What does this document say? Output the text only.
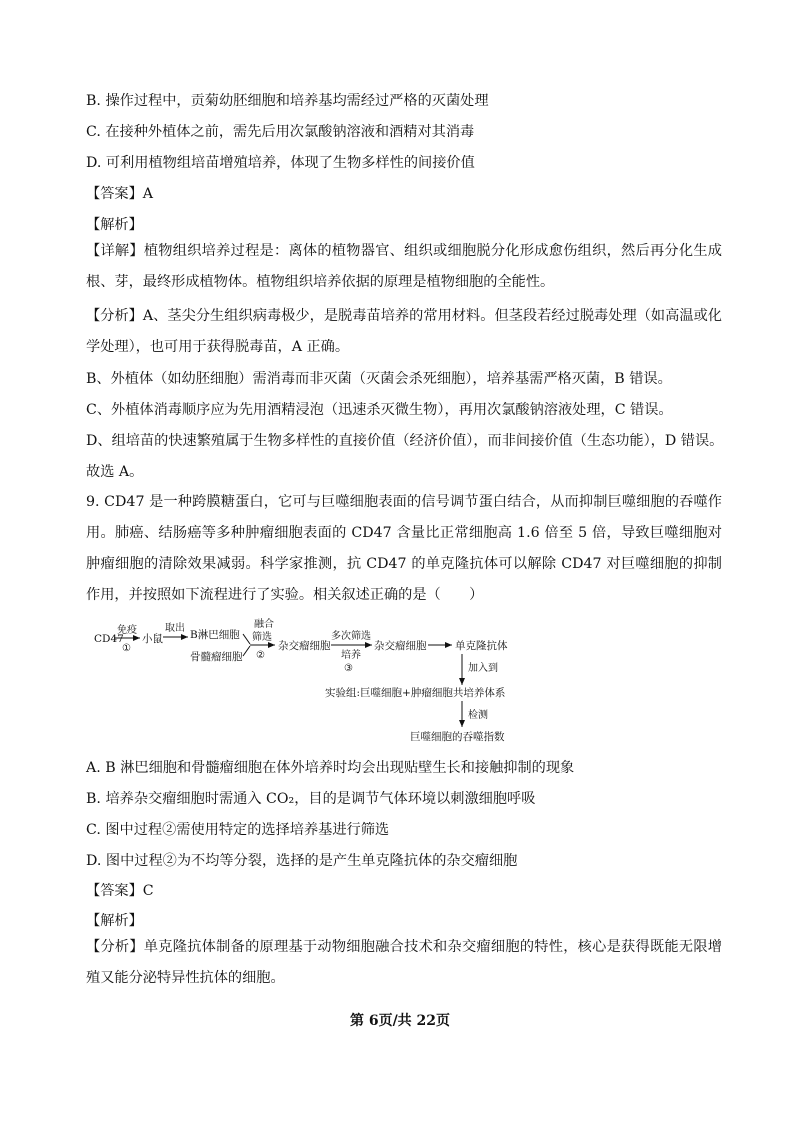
B. 操作过程中，贡菊幼胚细胞和培养基均需经过严格的灭菌处理
C. 在接种外植体之前，需先后用次氯酸钠溶液和酒精对其消毒
D. 可利用植物组培苗增殖培养，体现了生物多样性的间接价值
【答案】A
【解析】
【详解】植物组织培养过程是：离体的植物器官、组织或细胞脱分化形成愈伤组织，然后再分化生成根、芽，最终形成植物体。植物组织培养依据的原理是植物细胞的全能性。
【分析】A、茎尖分生组织病毒极少，是脱毒苗培养的常用材料。但茎段若经过脱毒处理（如高温或化学处理），也可用于获得脱毒苗，A 正确。
B、外植体（如幼胚细胞）需消毒而非灭菌（灭菌会杀死细胞），培养基需严格灭菌，B 错误。
C、外植体消毒顺序应为先用酒精浸泡（迅速杀灭微生物），再用次氯酸钠溶液处理，C 错误。
D、组培苗的快速繁殖属于生物多样性的直接价值（经济价值），而非间接价值（生态功能），D 错误。
故选 A。
9. CD47 是一种跨膜糖蛋白，它可与巨噬细胞表面的信号调节蛋白结合，从而抑制巨噬细胞的吞噬作用。肺癌、结肠癌等多种肿瘤细胞表面的 CD47 含量比正常细胞高 1.6 倍至 5 倍，导致巨噬细胞对肿瘤细胞的清除效果减弱。科学家推测，抗 CD47 的单克隆抗体可以解除 CD47 对巨噬细胞的抑制作用，并按照如下流程进行了实验。相关叙述正确的是（　　）
CD47
免疫
①
小鼠
取出
B淋巴细胞
骨髓瘤细胞
融合
筛选
②
杂交瘤细胞
多次筛选
培养
③
杂交瘤细胞	单克隆抗体
加入到
实验组:巨噬细胞+肿瘤细胞共培养体系
检测
巨噬细胞的吞噬指数
A. B 淋巴细胞和骨髓瘤细胞在体外培养时均会出现贴壁生长和接触抑制的现象
B. 培养杂交瘤细胞时需通入 CO₂，目的是调节气体环境以刺激细胞呼吸
C. 图中过程②需使用特定的选择培养基进行筛选
D. 图中过程②为不均等分裂，选择的是产生单克隆抗体的杂交瘤细胞
【答案】C
【解析】
【分析】单克隆抗体制备的原理基于动物细胞融合技术和杂交瘤细胞的特性，核心是获得既能无限增殖又能分泌特异性抗体的细胞。
第 6页/共 22页
